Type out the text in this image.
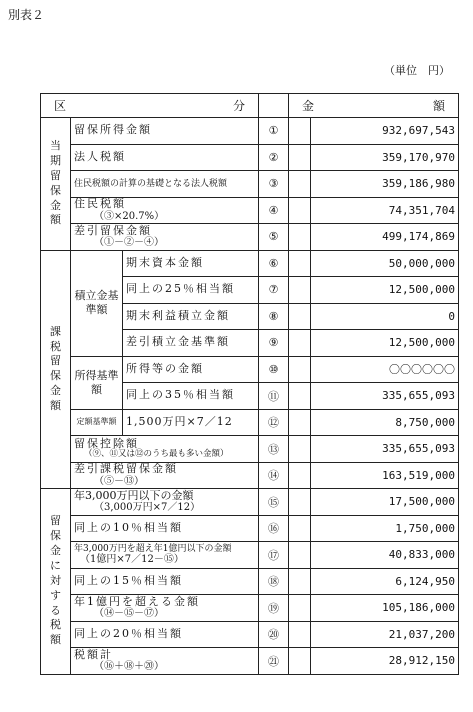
別表２
（単位　円）
区 分				金 額	

当期留保金額	留保所得金額		①		932,697,543

	法人税額		②		359,170,970

	住民税額の計算の基礎となる法人税額		③		359,186,980

	住民税額
（③×20.7%）		④		74,351,704

	差引留保金額
（①－②－④）		⑤		499,174,869

課税留保金額	積立金基準額	期末資本金額	⑥		50,000,000

		同上の25％相当額	⑦		12,500,000

		期末利益積立金額	⑧		0

		差引積立金基準額	⑨		12,500,000
	所得基準額	所得等の金額	⑩		〇〇〇〇〇〇

		同上の35％相当額	⑪		335,655,093
	定額基準額	1,500万円×7／12	⑫		8,750,000

	留保控除額
（⑨、⑪又は⑫のうち最も多い金額）		⑬		335,655,093

	差引課税留保金額
（⑤－⑬）		⑭		163,519,000

留保金に対する税額	年3,000万円以下の金額
（3,000万円×7／12）		⑮		17,500,000

	同上の10％相当額		⑯		1,750,000

	年3,000万円を超え年1億円以下の金額
（1億円×7／12－⑮）		⑰		40,833,000

	同上の15％相当額		⑱		6,124,950

	年1億円を超える金額
（⑭－⑮－⑰）		⑲		105,186,000

	同上の20％相当額		⑳		21,037,200

	税額計
（⑯＋⑱＋⑳）		㉑		28,912,150
